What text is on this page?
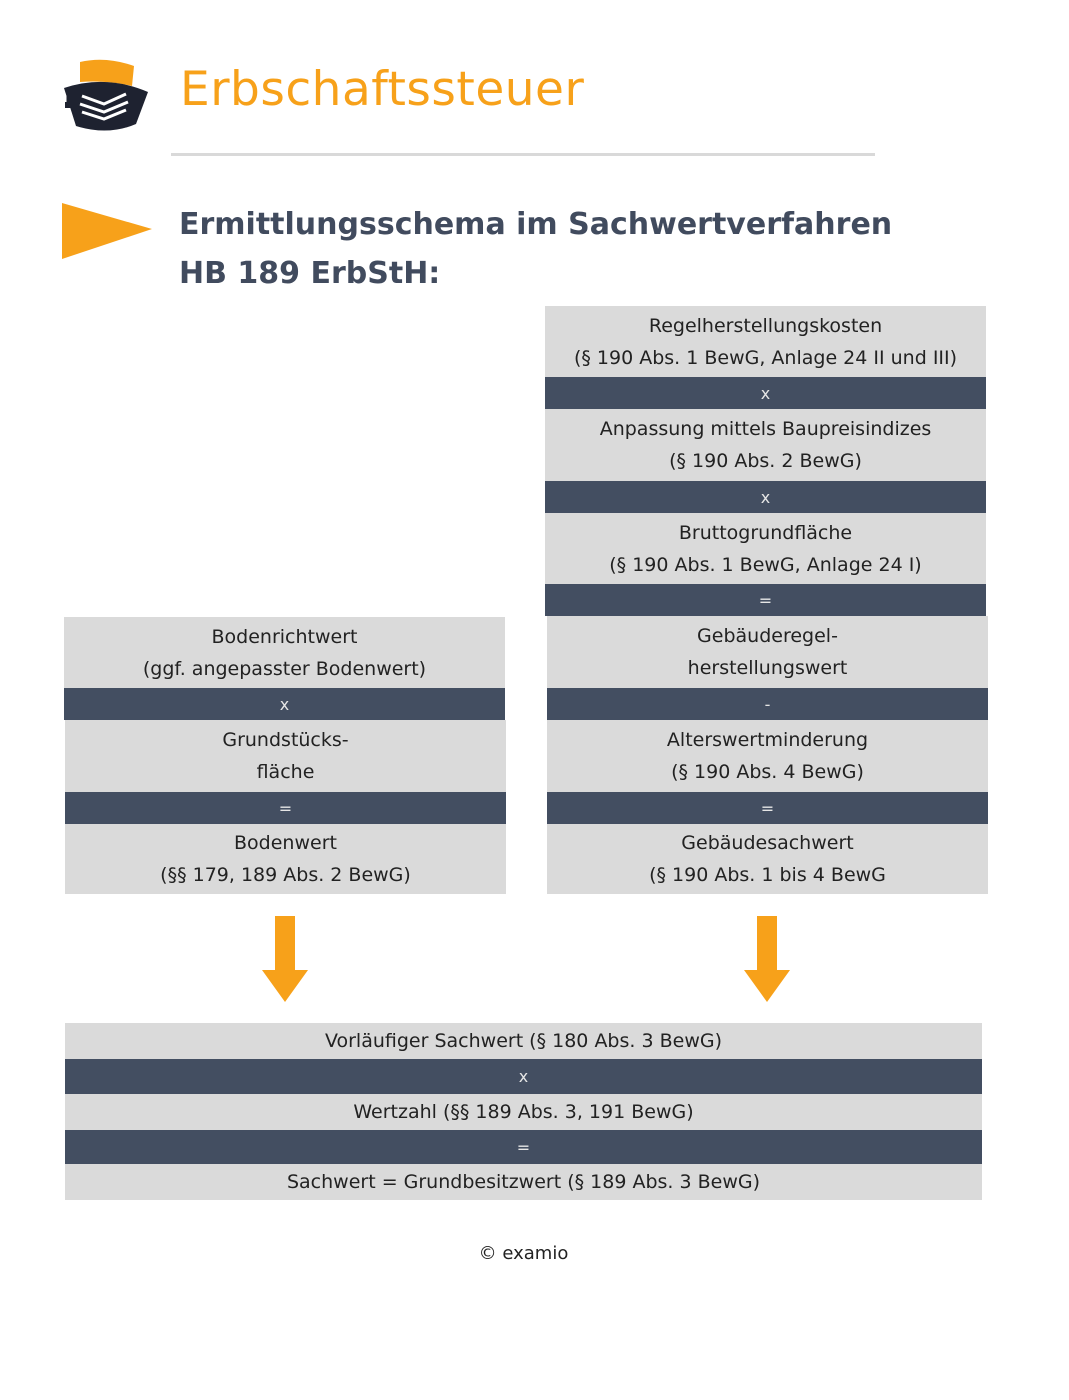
Erbschaftssteuer
Ermittlungsschema im Sachwertverfahren
HB 189 ErbStH:
Regelherstellungskosten
(§ 190 Abs. 1 BewG, Anlage 24 II und III)
x
Anpassung mittels Baupreisindizes
(§ 190 Abs. 2 BewG)
x
Bruttogrundfläche
(§ 190 Abs. 1 BewG, Anlage 24 I)
=
Gebäuderegel-
herstellungswert
-
Alterswertminderung
(§ 190 Abs. 4 BewG)
=
Gebäudesachwert
(§ 190 Abs. 1 bis 4 BewG
Bodenrichtwert
(ggf. angepasster Bodenwert)
x
Grundstücks-
fläche
=
Bodenwert
(§§ 179, 189 Abs. 2 BewG)
Vorläufiger Sachwert (§ 180 Abs. 3 BewG)
x
Wertzahl (§§ 189 Abs. 3, 191 BewG)
=
Sachwert = Grundbesitzwert (§ 189 Abs. 3 BewG)
© examio
